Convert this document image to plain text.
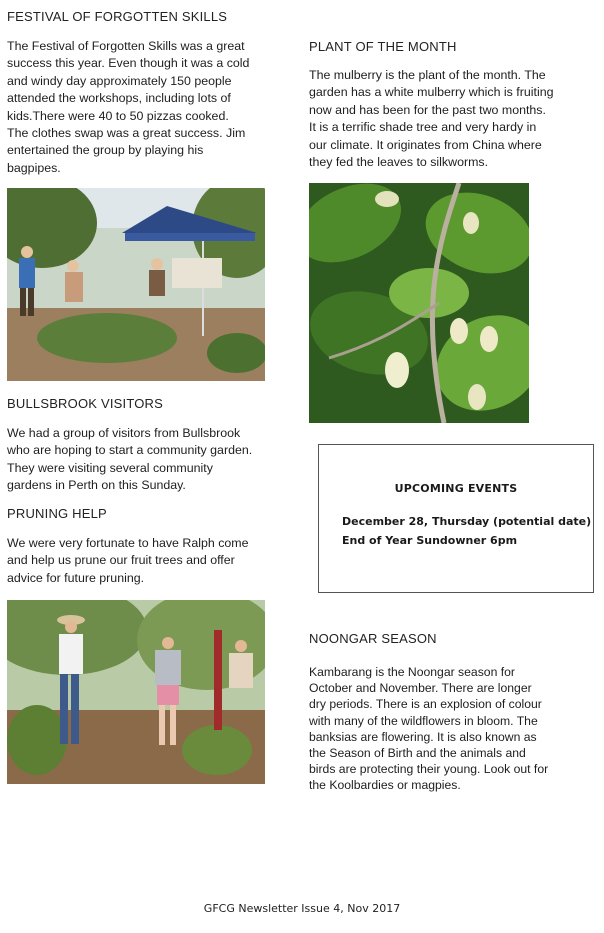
FESTIVAL OF FORGOTTEN SKILLS

The Festival of Forgotten Skills was a great
success this year. Even though it was a cold
and windy day approximately 150 people
attended the workshops, including lots of
kids.There were 40 to 50 pizzas cooked.
The clothes swap was a great success. Jim
entertained the group by playing his
bagpipes.

BULLSBROOK VISITORS

We had a group of visitors from Bullsbrook
who are hoping to start a community garden.
They were visiting several community
gardens in Perth on this Sunday.

PRUNING HELP

We were very fortunate to have Ralph come
and help us prune our fruit trees and offer
advice for future pruning.

PLANT OF THE MONTH

The mulberry is the plant of the month. The
garden has a white mulberry which is fruiting
now and has been for the past two months.
It is a terrific shade tree and very hardy in
our climate. It originates from China where
they fed the leaves to silkworms.

UPCOMING EVENTS
December 28, Thursday (potential date)
End of Year Sundowner 6pm
NOONGAR SEASON

Kambarang is the Noongar season for
October and November. There are longer
dry periods. There is an explosion of colour
with many of the wildflowers in bloom. The
banksias are flowering. It is also known as
the Season of Birth and the animals and
birds are protecting their young. Look out for
the Koolbardies or magpies.

GFCG Newsletter Issue 4, Nov 2017
